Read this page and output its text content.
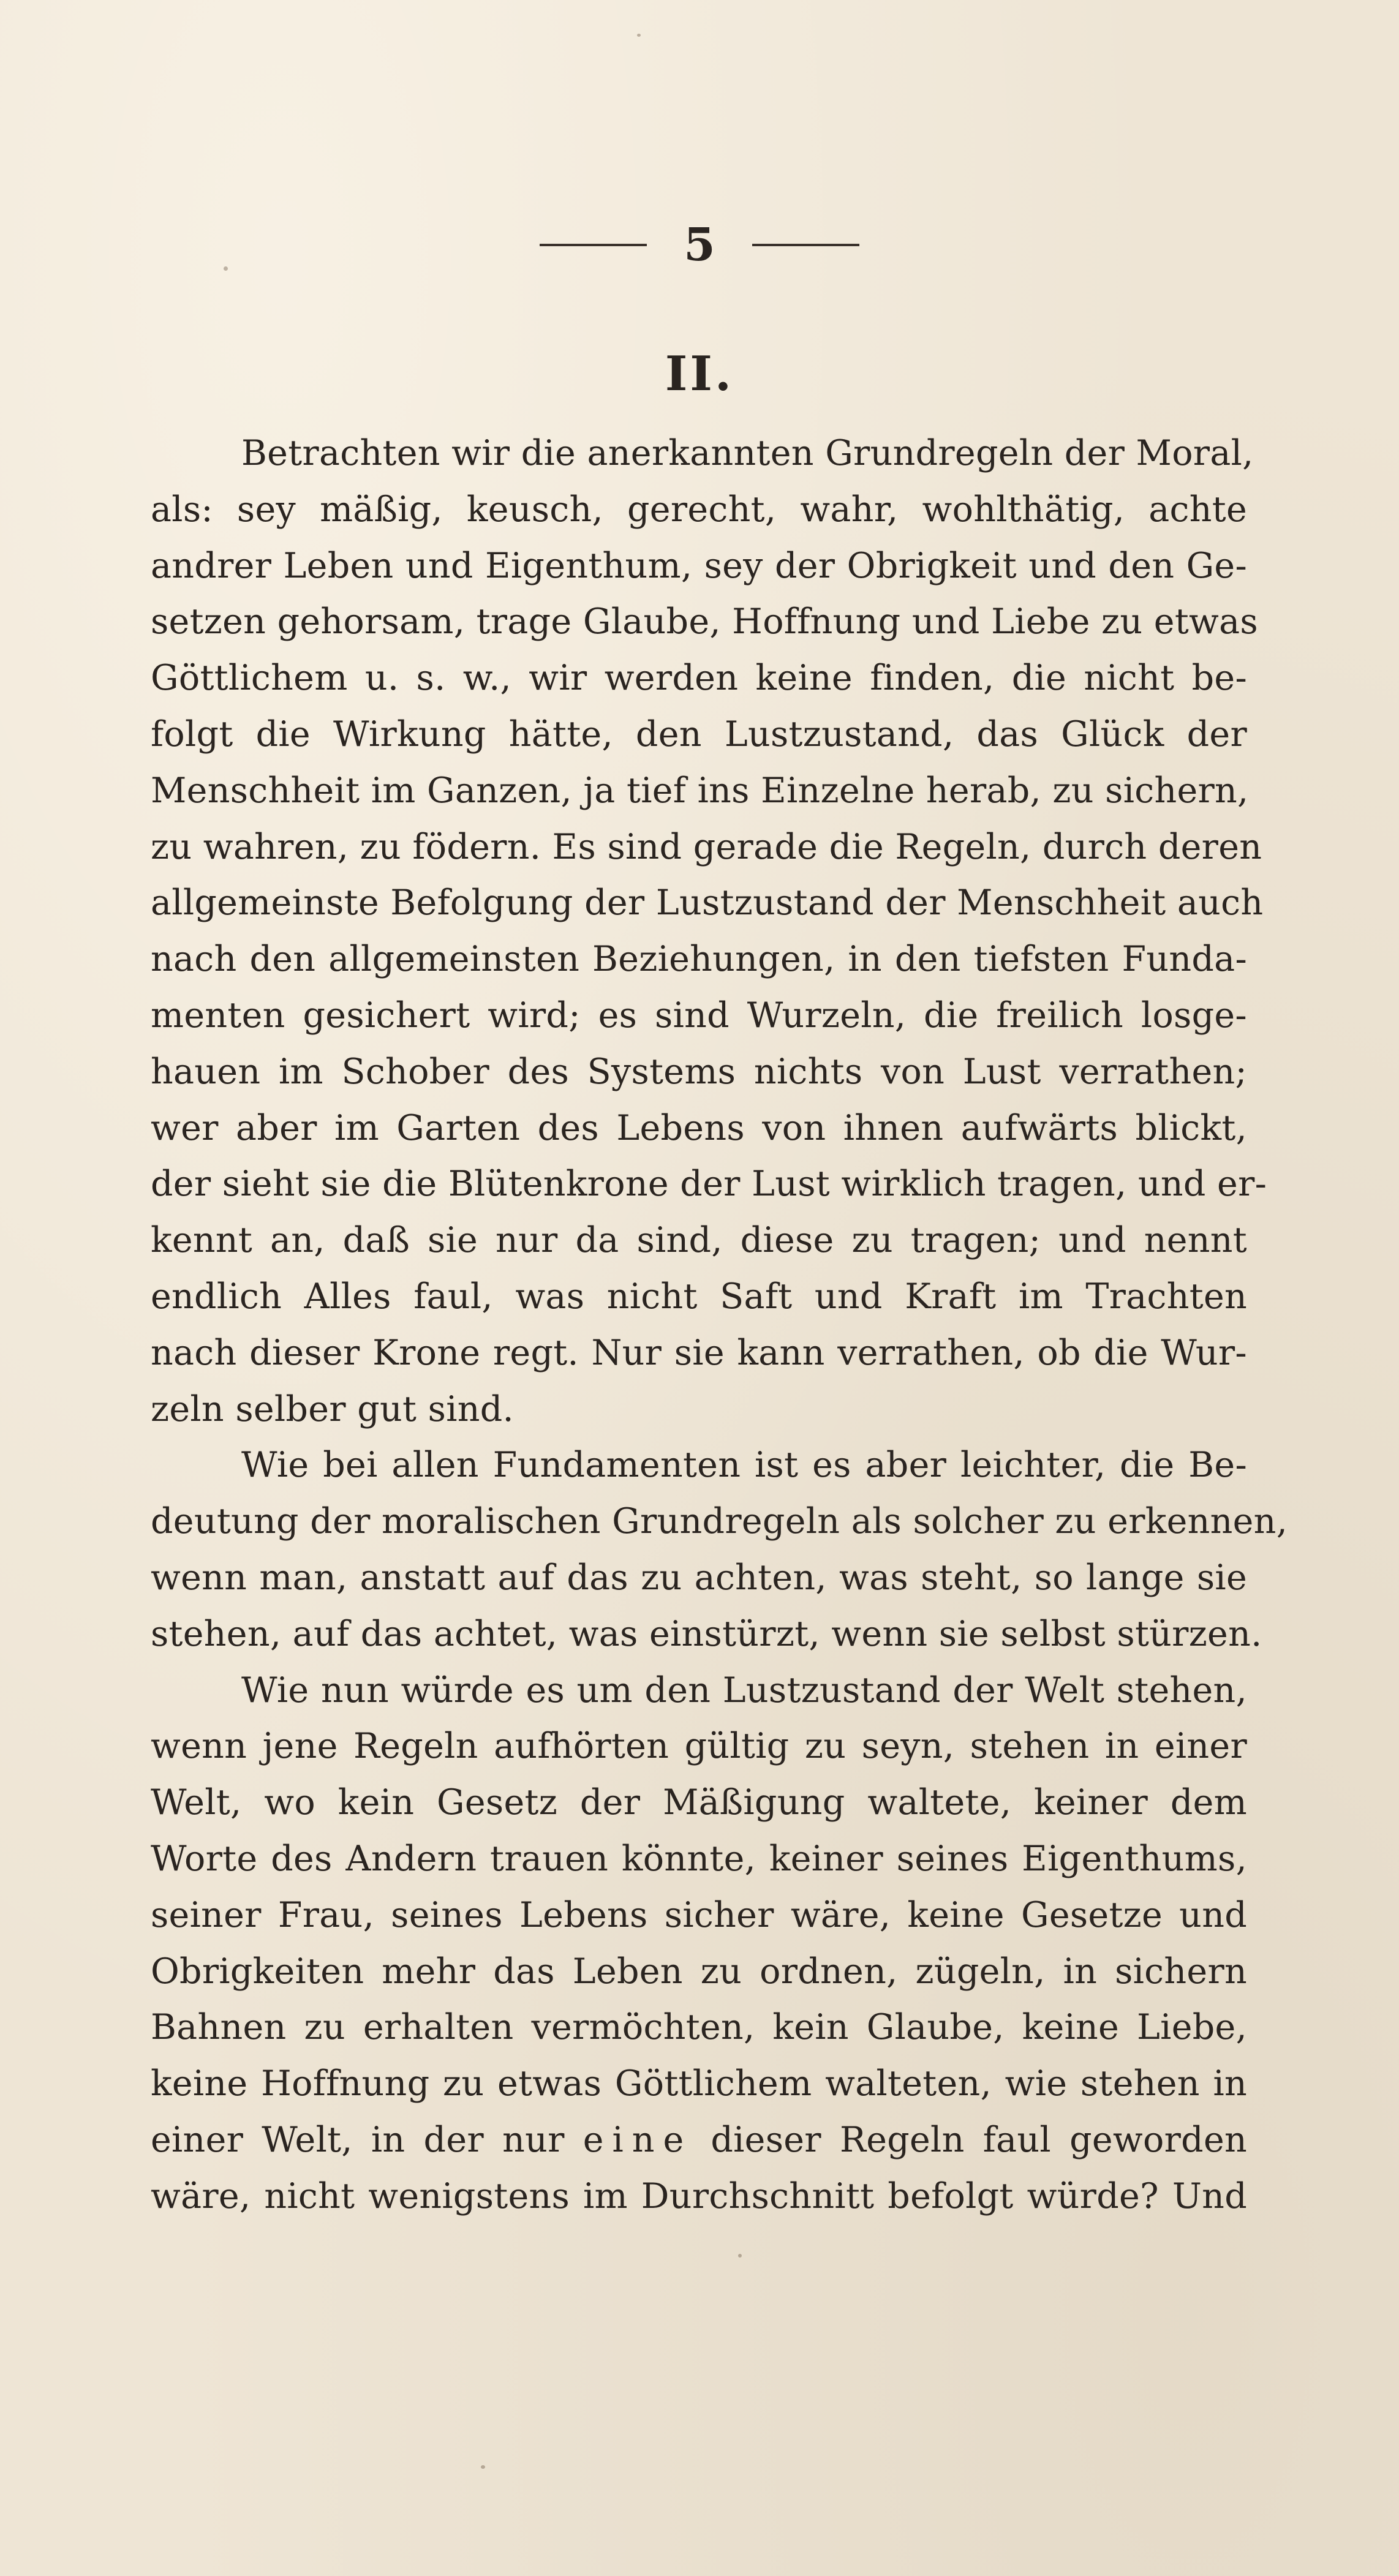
5
II.
Betrachten wir die anerkannten Grundregeln der Moral,
als: sey mäßig, keusch, gerecht, wahr, wohlthätig, achte
andrer Leben und Eigenthum, sey der Obrigkeit und den Ge-
setzen gehorsam, trage Glaube, Hoffnung und Liebe zu etwas
Göttlichem u. s. w., wir werden keine finden, die nicht be-
folgt die Wirkung hätte, den Lustzustand, das Glück der
Menschheit im Ganzen, ja tief ins Einzelne herab, zu sichern,
zu wahren, zu födern. Es sind gerade die Regeln, durch deren
allgemeinste Befolgung der Lustzustand der Menschheit auch
nach den allgemeinsten Beziehungen, in den tiefsten Funda-
menten gesichert wird; es sind Wurzeln, die freilich losge-
hauen im Schober des Systems nichts von Lust verrathen;
wer aber im Garten des Lebens von ihnen aufwärts blickt,
der sieht sie die Blütenkrone der Lust wirklich tragen, und er-
kennt an, daß sie nur da sind, diese zu tragen; und nennt
endlich Alles faul, was nicht Saft und Kraft im Trachten
nach dieser Krone regt. Nur sie kann verrathen, ob die Wur-
zeln selber gut sind.
Wie bei allen Fundamenten ist es aber leichter, die Be-
deutung der moralischen Grundregeln als solcher zu erkennen,
wenn man, anstatt auf das zu achten, was steht, so lange sie
stehen, auf das achtet, was einstürzt, wenn sie selbst stürzen.
Wie nun würde es um den Lustzustand der Welt stehen,
wenn jene Regeln aufhörten gültig zu seyn, stehen in einer
Welt, wo kein Gesetz der Mäßigung waltete, keiner dem
Worte des Andern trauen könnte, keiner seines Eigenthums,
seiner Frau, seines Lebens sicher wäre, keine Gesetze und
Obrigkeiten mehr das Leben zu ordnen, zügeln, in sichern
Bahnen zu erhalten vermöchten, kein Glaube, keine Liebe,
keine Hoffnung zu etwas Göttlichem walteten, wie stehen in
einer Welt, in der nur eine dieser Regeln faul geworden
wäre, nicht wenigstens im Durchschnitt befolgt würde? Und
